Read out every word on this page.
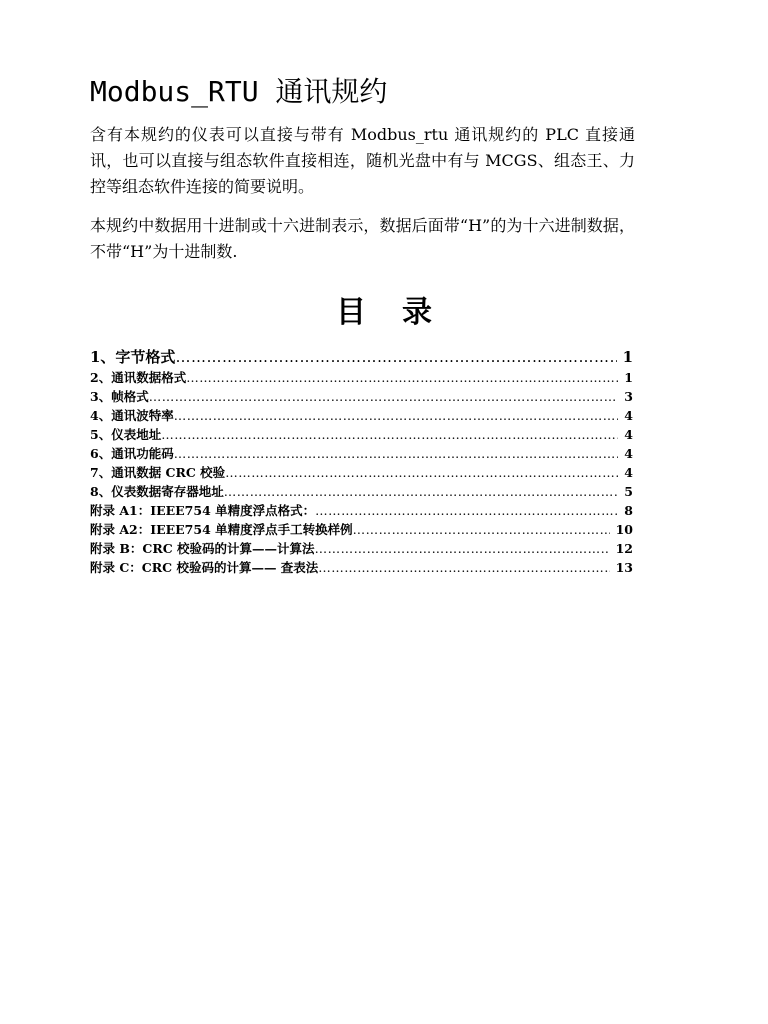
Modbus_RTU 通讯规约

含有本规约的仪表可以直接与带有 Modbus_rtu 通讯规约的 PLC 直接通讯，也可以直接与组态软件直接相连，随机光盘中有与 MCGS、组态王、力控等组态软件连接的简要说明。

本规约中数据用十进制或十六进制表示，数据后面带“H”的为十六进制数据，不带“H”为十进制数.

目录
1、字节格式 ……………………………………………………………………………………………………………………………………………………………………………………	1
2、通讯数据格式 ……………………………………………………………………………………………………………………………………………………………………………………	1
3、帧格式 ……………………………………………………………………………………………………………………………………………………………………………………	3
4、通讯波特率 ……………………………………………………………………………………………………………………………………………………………………………………	4
5、仪表地址 ……………………………………………………………………………………………………………………………………………………………………………………	4
6、通讯功能码 ……………………………………………………………………………………………………………………………………………………………………………………	4
7、通讯数据 CRC 校验 ……………………………………………………………………………………………………………………………………………………………………………………	4
8、仪表数据寄存器地址 ……………………………………………………………………………………………………………………………………………………………………………………	5
附录 A1：IEEE754 单精度浮点格式： ……………………………………………………………………………………………………………………………………………………………………………………	8
附录 A2：IEEE754 单精度浮点手工转换样例 ……………………………………………………………………………………………………………………………………………………………………………………	10
附录 B：CRC 校验码的计算——计算法 ……………………………………………………………………………………………………………………………………………………………………………………	12
附录 C：CRC 校验码的计算—— 查表法 ……………………………………………………………………………………………………………………………………………………………………………………	13
